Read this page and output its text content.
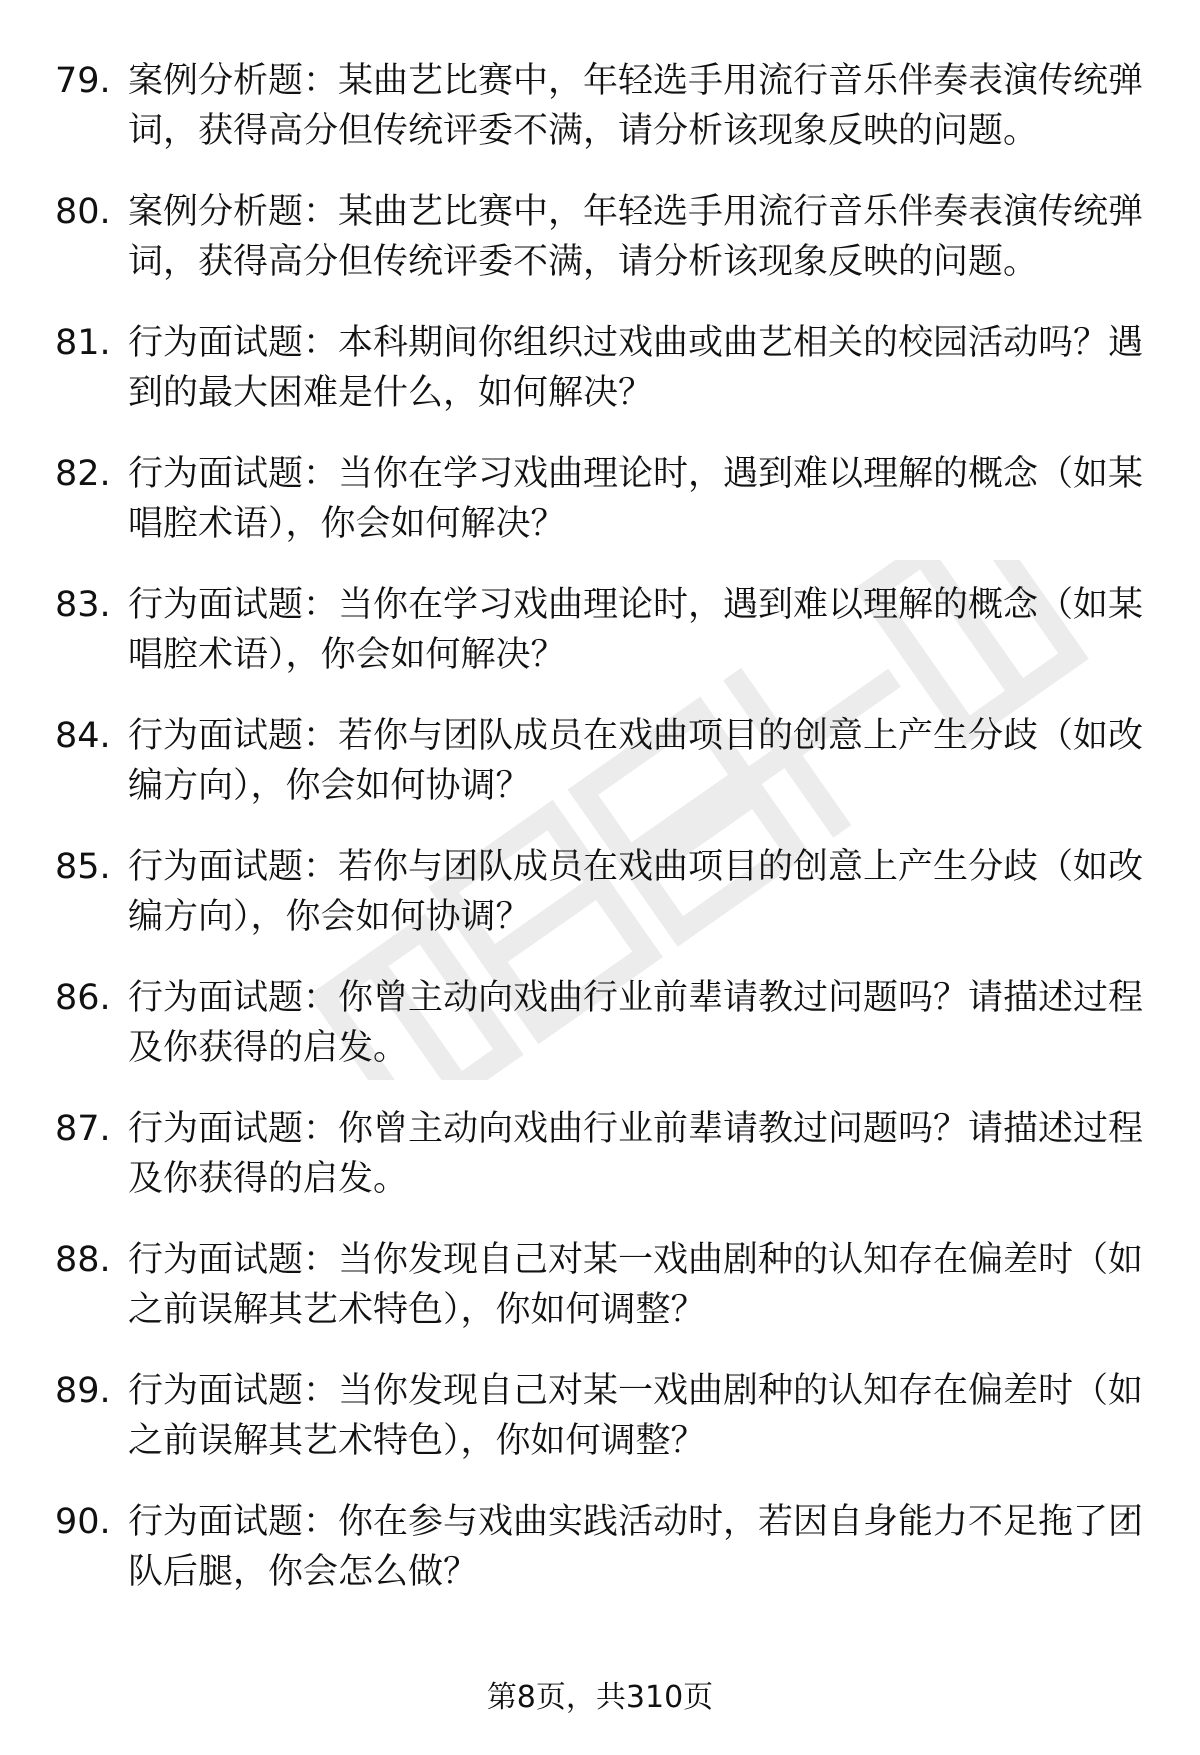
79. 案例分析题：某曲艺比赛中，年轻选手用流行音乐伴奏表演传统弹词，获得高分但传统评委不满，请分析该现象反映的问题。
80. 案例分析题：某曲艺比赛中，年轻选手用流行音乐伴奏表演传统弹词，获得高分但传统评委不满，请分析该现象反映的问题。
81. 行为面试题：本科期间你组织过戏曲或曲艺相关的校园活动吗？遇到的最大困难是什么，如何解决？
82. 行为面试题：当你在学习戏曲理论时，遇到难以理解的概念（如某唱腔术语），你会如何解决？
83. 行为面试题：当你在学习戏曲理论时，遇到难以理解的概念（如某唱腔术语），你会如何解决？
84. 行为面试题：若你与团队成员在戏曲项目的创意上产生分歧（如改编方向），你会如何协调？
85. 行为面试题：若你与团队成员在戏曲项目的创意上产生分歧（如改编方向），你会如何协调？
86. 行为面试题：你曾主动向戏曲行业前辈请教过问题吗？请描述过程及你获得的启发。
87. 行为面试题：你曾主动向戏曲行业前辈请教过问题吗？请描述过程及你获得的启发。
88. 行为面试题：当你发现自己对某一戏曲剧种的认知存在偏差时（如之前误解其艺术特色），你如何调整？
89. 行为面试题：当你发现自己对某一戏曲剧种的认知存在偏差时（如之前误解其艺术特色），你如何调整？
90. 行为面试题：你在参与戏曲实践活动时，若因自身能力不足拖了团队后腿，你会怎么做？
第8页，共310页
